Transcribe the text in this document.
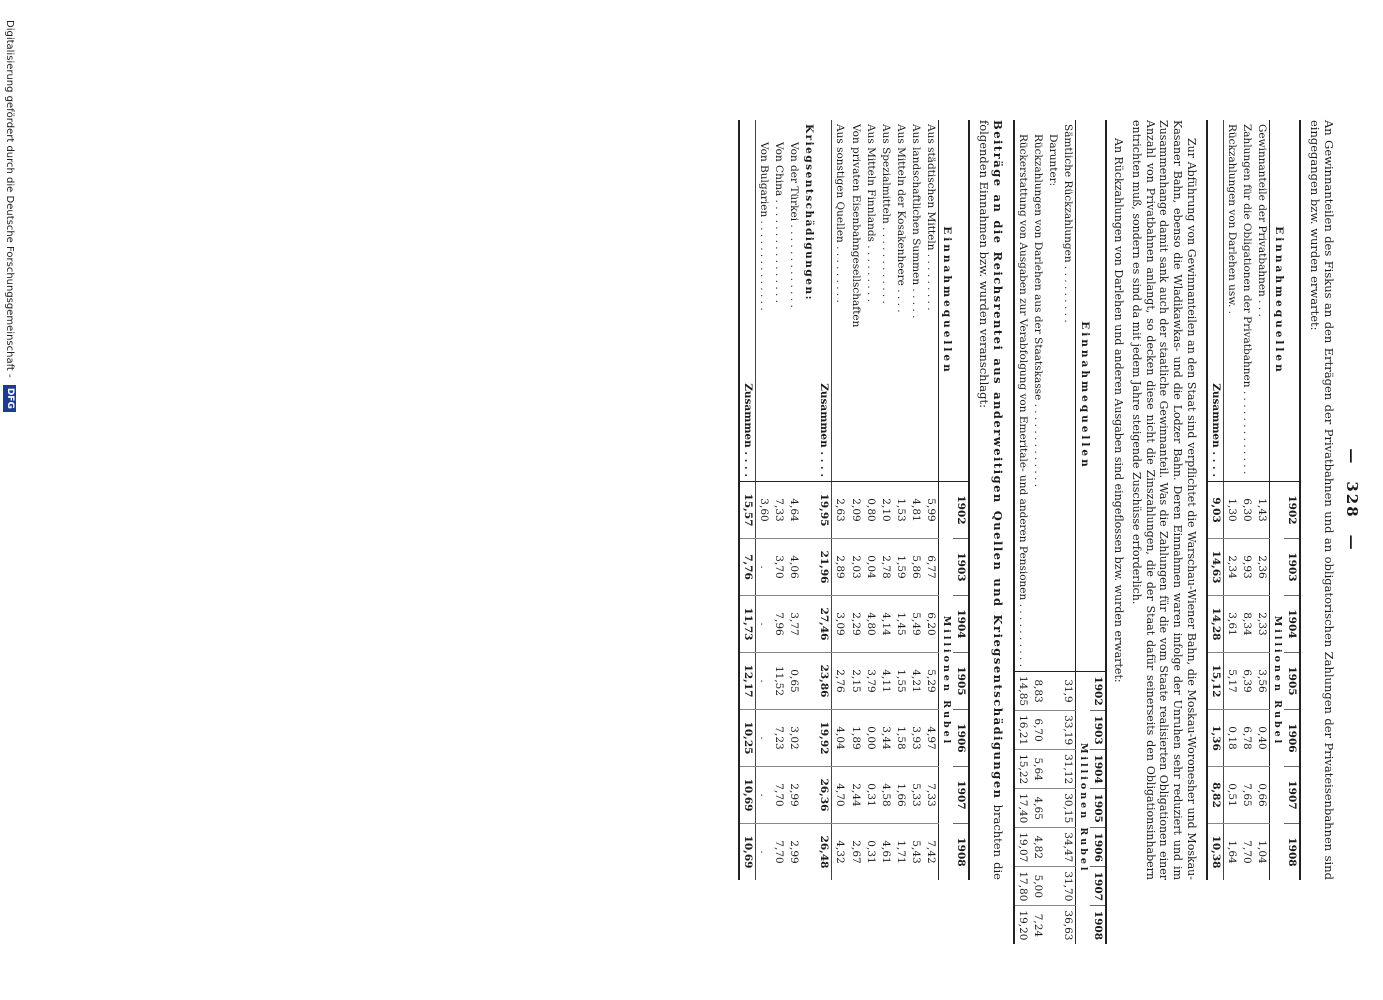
Digitalisierung gefördert durch die Deutsche Forschungsgemeinschaft - DFG
—328—

An Gewinnanteilen des Fiskus an den Erträgen der Privatbahnen und an obligatorischen Zahlungen der Privateisenbahnen sind eingegangen bzw. wurden erwartet:

Einnahmequellen	1902	1903	1904	1905	1906	1907	1908
	Millionen Rubel						
Gewinnanteile der Privatbahnen . . .	1,43	2,36	2,33	3,56	0,40	0,66	1,04
Zahlungen für die Obligationen der Privatbahnen . . . . . . . . . . . . .	6,30	9,93	8,34	6,39	6,78	7,65	7,70
Rückzahlungen von Darlehen usw. .	1,30	2,34	3,61	5,17	0,18	0,51	1,64
Zusammen . . . .	9,03	14,63	14,28	15,12	1,36	8,82	10,38

Zur Abführung von Gewinnanteilen an den Staat sind verpflichtet die Warschau-Wiener Bahn, die Moskau-Woronesher und Moskau-Kasaner Bahn, ebenso die Wladikawkas- und die Lodzer Bahn. Deren Einnahmen waren infolge der Unruhen sehr reduziert und im Zusammenhange damit sank auch der staatliche Gewinnanteil. Was die Zahlungen für die vom Staate realisierten Obligationen einer Anzahl von Privatbahnen anlangt, so decken diese nicht die Zinszahlungen, die der Staat dafür seinerseits den Obligationsinhabern entrichten muß, sondern es sind da mit jedem Jahre steigende Zuschüsse erforderlich.

An Rückzahlungen von Darlehen und anderen Ausgaben sind eingeflossen bzw. wurden erwartet:

Einnahmequellen	1902	1903	1904	1905	1906	1907	1908
	Millionen Rubel						
Sämtliche Rückzahlungen . . . . . . . . .	31,9	33,19	31,12	30,15	34,47	31,70	36,63
Darunter:							
Rückzahlungen von Darlehen aus der Staatskasse . . . . . . . . . . . . .	8,83	6,70	5,64	4,65	4,82	5,00	7,24
Rückerstattung von Ausgaben zur Verabfolgung von Emeritale- und anderen Pensionen . . . . . . . . . .	14,85	16,21	15,22	17,40	19,07	17,80	19,20

Beiträge an die Reichsrentei aus anderweitigen Quellen und Kriegsentschädigungen brachten die folgenden Einnahmen bzw. wurden veranschlagt:

Einnahmequellen	1902	1903	1904	1905	1906	1907	1908
	Millionen Rubel						
Aus städtischen Mitteln . . . . . . . . .	5,99	6,77	6,20	5,29	4,97	7,33	7,42
Aus landschaftlichen Summen . . . . .	4,81	5,86	5,49	4,21	3,93	5,33	5,43
Aus Mitteln der Kosakenheere . . . .	1,53	1,59	1,45	1,55	1,58	1,66	1,71
Aus Spezialmitteln . . . . . . . . . . . .	2,10	2,78	4,14	4,11	3,44	4,58	4,61
Aus Mitteln Finnlands . . . . . . . . .	0,80	0,04	4,80	3,79	0,00	0,31	0,31
Von privaten Eisenbahngesellschaften	2,09	2,03	2,29	2,15	1,89	2,44	2,67
Aus sonstigen Quellen . . . . . . . . .	2,63	2,89	3,09	2,76	4,04	4,70	4,32
Zusammen . . . .	19,95	21,96	27,46	23,86	19,92	26,36	26,48
Kriegsentschädigungen:							
Von der Türkei . . . . . . . . . . . . .	4,64	4,06	3,77	0,65	3,02	2,99	2,99
Von China . . . . . . . . . . . . . . . .	7,33	3,70	7,96	11,52	7,23	7,70	7,70
Von Bulgarien . . . . . . . . . . . . . .	3,60	.	.	.	.	.	.
Zusammen . . . .	15,57	7,76	11,73	12,17	10,25	10,69	10,69
